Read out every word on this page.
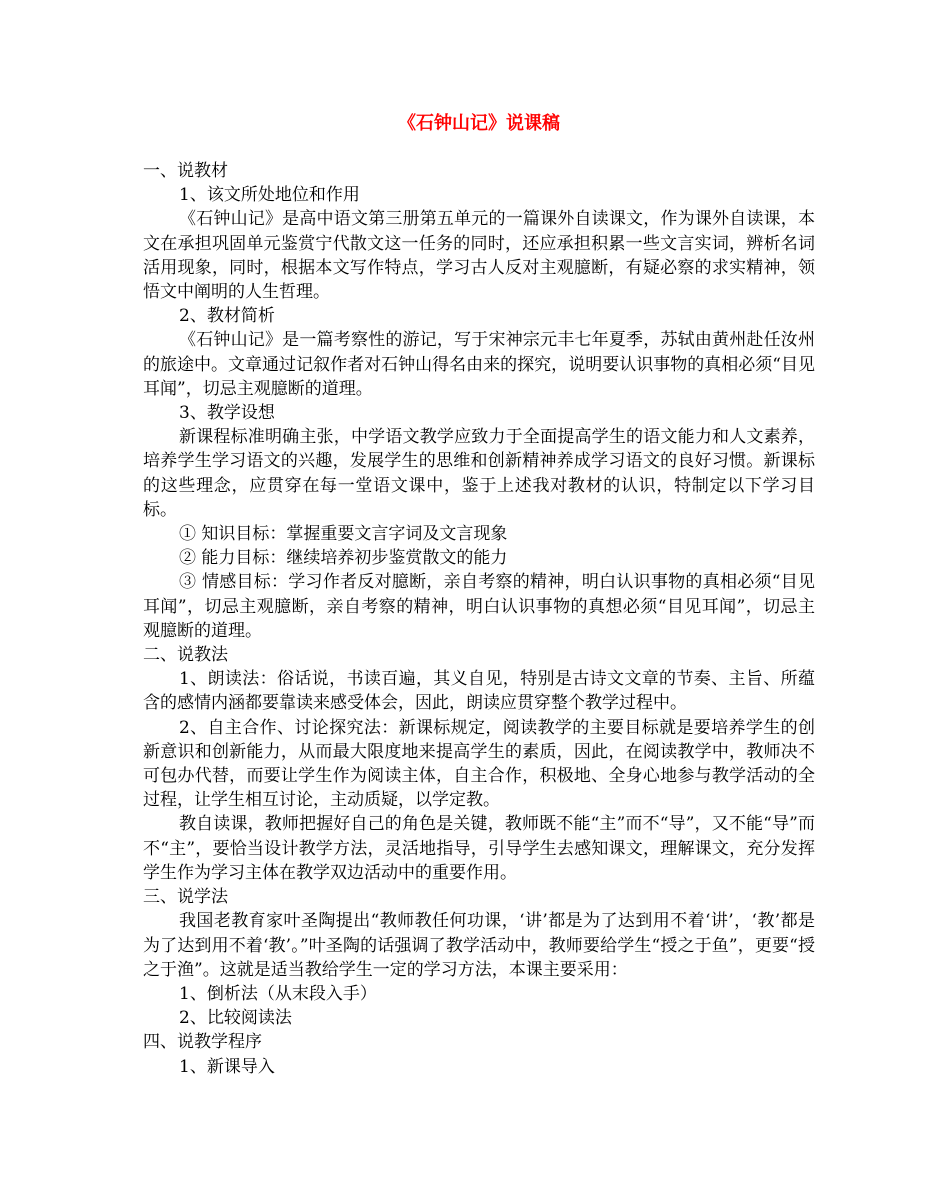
《石钟山记》说课稿
一、说教材
1、该文所处地位和作用
《石钟山记》是高中语文第三册第五单元的一篇课外自读课文，作为课外自读课，本文在承担巩固单元鉴赏宁代散文这一任务的同时，还应承担积累一些文言实词，辨析名词活用现象，同时，根据本文写作特点，学习古人反对主观臆断，有疑必察的求实精神，领悟文中阐明的人生哲理。
2、教材简析
《石钟山记》是一篇考察性的游记，写于宋神宗元丰七年夏季，苏轼由黄州赴任汝州的旅途中。文章通过记叙作者对石钟山得名由来的探究，说明要认识事物的真相必须“目见耳闻”，切忌主观臆断的道理。
3、教学设想
新课程标准明确主张，中学语文教学应致力于全面提高学生的语文能力和人文素养，培养学生学习语文的兴趣，发展学生的思维和创新精神养成学习语文的良好习惯。新课标的这些理念，应贯穿在每一堂语文课中，鉴于上述我对教材的认识，特制定以下学习目标。
① 知识目标：掌握重要文言字词及文言现象
② 能力目标：继续培养初步鉴赏散文的能力
③ 情感目标：学习作者反对臆断，亲自考察的精神，明白认识事物的真相必须“目见耳闻”，切忌主观臆断，亲自考察的精神，明白认识事物的真想必须“目见耳闻”，切忌主观臆断的道理。
二、说教法
1、朗读法：俗话说，书读百遍，其义自见，特别是古诗文文章的节奏、主旨、所蕴含的感情内涵都要靠读来感受体会，因此，朗读应贯穿整个教学过程中。
2、自主合作、讨论探究法：新课标规定，阅读教学的主要目标就是要培养学生的创新意识和创新能力，从而最大限度地来提高学生的素质，因此，在阅读教学中，教师决不可包办代替，而要让学生作为阅读主体，自主合作，积极地、全身心地参与教学活动的全过程，让学生相互讨论，主动质疑，以学定教。
教自读课，教师把握好自己的角色是关键，教师既不能“主”而不“导”，又不能“导”而不“主”，要恰当设计教学方法，灵活地指导，引导学生去感知课文，理解课文，充分发挥学生作为学习主体在教学双边活动中的重要作用。
三、说学法
我国老教育家叶圣陶提出“教师教任何功课，‘讲’都是为了达到用不着‘讲’，‘教’都是为了达到用不着‘教’。”叶圣陶的话强调了教学活动中，教师要给学生“授之于鱼”，更要“授之于渔”。这就是适当教给学生一定的学习方法，本课主要采用：
1、倒析法（从末段入手）
2、比较阅读法
四、说教学程序
1、新课导入
